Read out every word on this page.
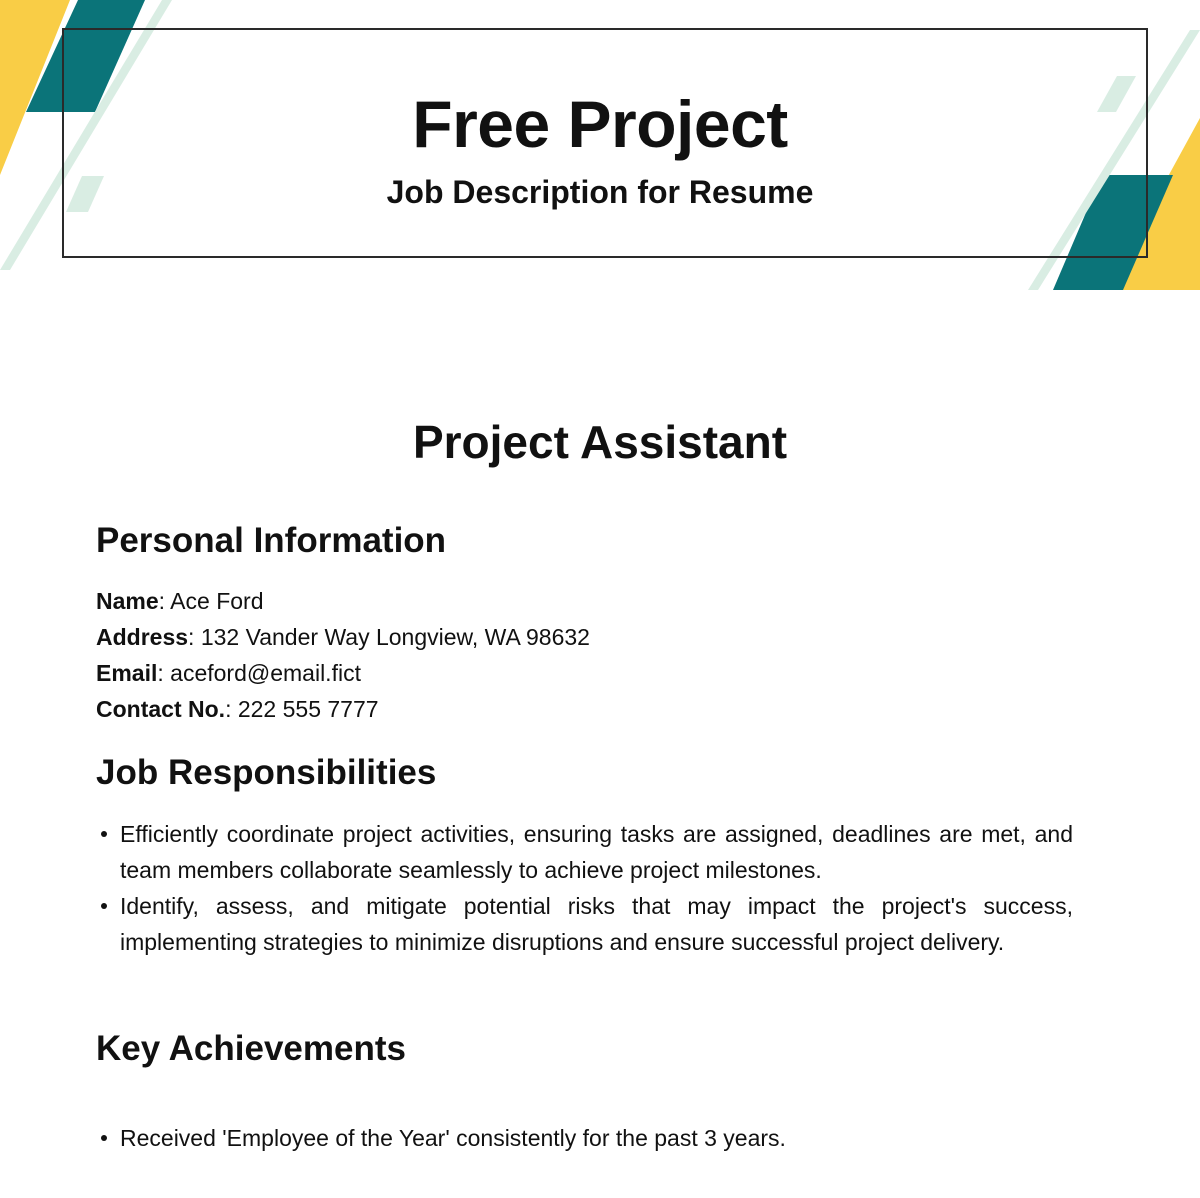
Free Project
Job Description for Resume
Project Assistant
Personal Information
Name: Ace Ford
Address: 132 Vander Way Longview, WA 98632
Email: aceford@email.fict
Contact No.: 222 555 7777
Job Responsibilities
Efficiently coordinate project activities, ensuring tasks are assigned, deadlines are met, and team members collaborate seamlessly to achieve project milestones.
Identify, assess, and mitigate potential risks that may impact the project's success, implementing strategies to minimize disruptions and ensure successful project delivery.
Key Achievements
Received 'Employee of the Year' consistently for the past 3 years.
